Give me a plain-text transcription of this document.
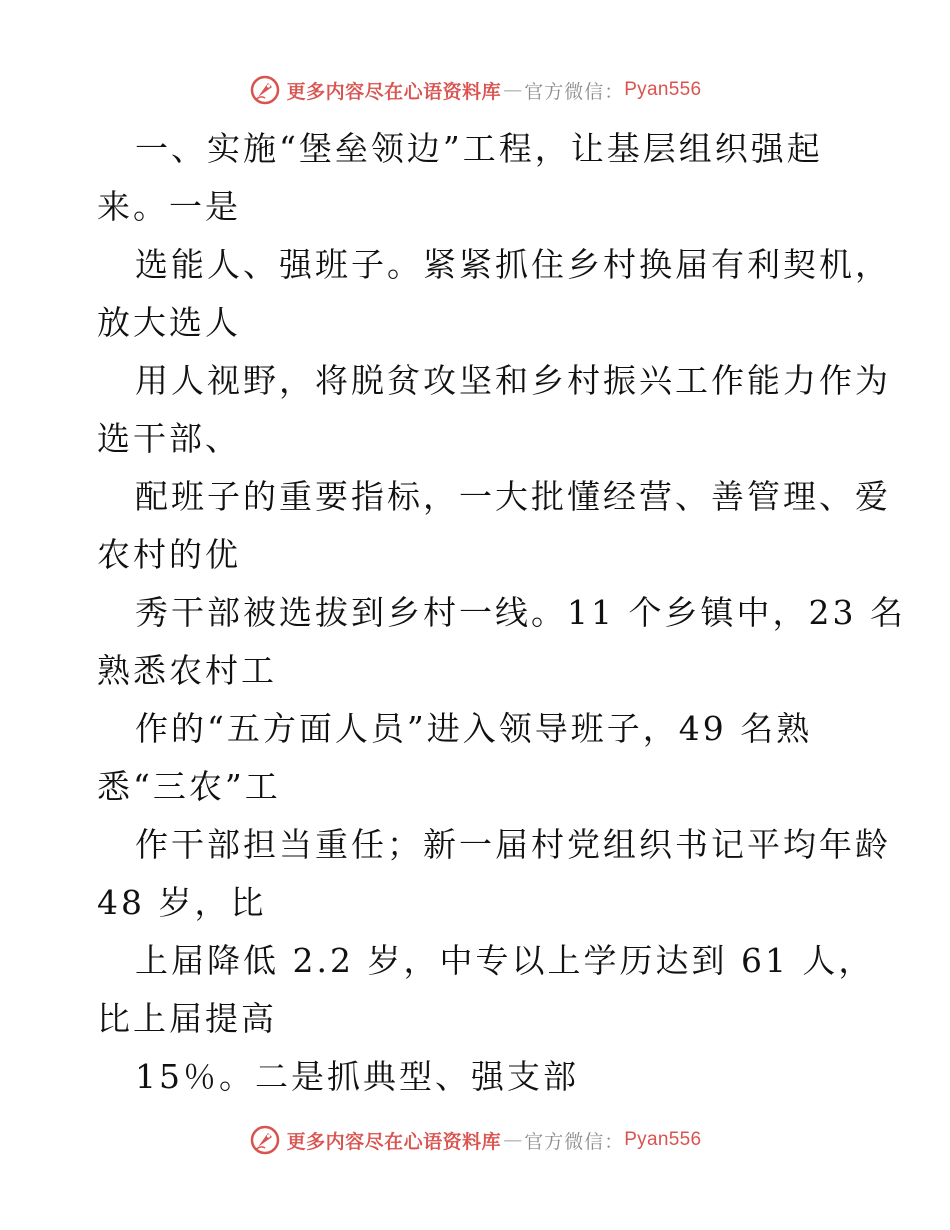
更多内容尽在心语资料库 — 官方微信： Pyan556
一、实施“堡垒领边”工程，让基层组织强起
来。一是
选能人、强班子。紧紧抓住乡村换届有利契机，
放大选人
用人视野，将脱贫攻坚和乡村振兴工作能力作为
选干部、
配班子的重要指标，一大批懂经营、善管理、爱
农村的优
秀干部被选拔到乡村一线。11 个乡镇中，23 名
熟悉农村工
作的“五方面人员”进入领导班子，49 名熟
悉“三农”工
作干部担当重任；新一届村党组织书记平均年龄
48 岁，比
上届降低 2.2 岁，中专以上学历达到 61 人，
比上届提高
15％。二是抓典型、强支部
更多内容尽在心语资料库 — 官方微信： Pyan556
